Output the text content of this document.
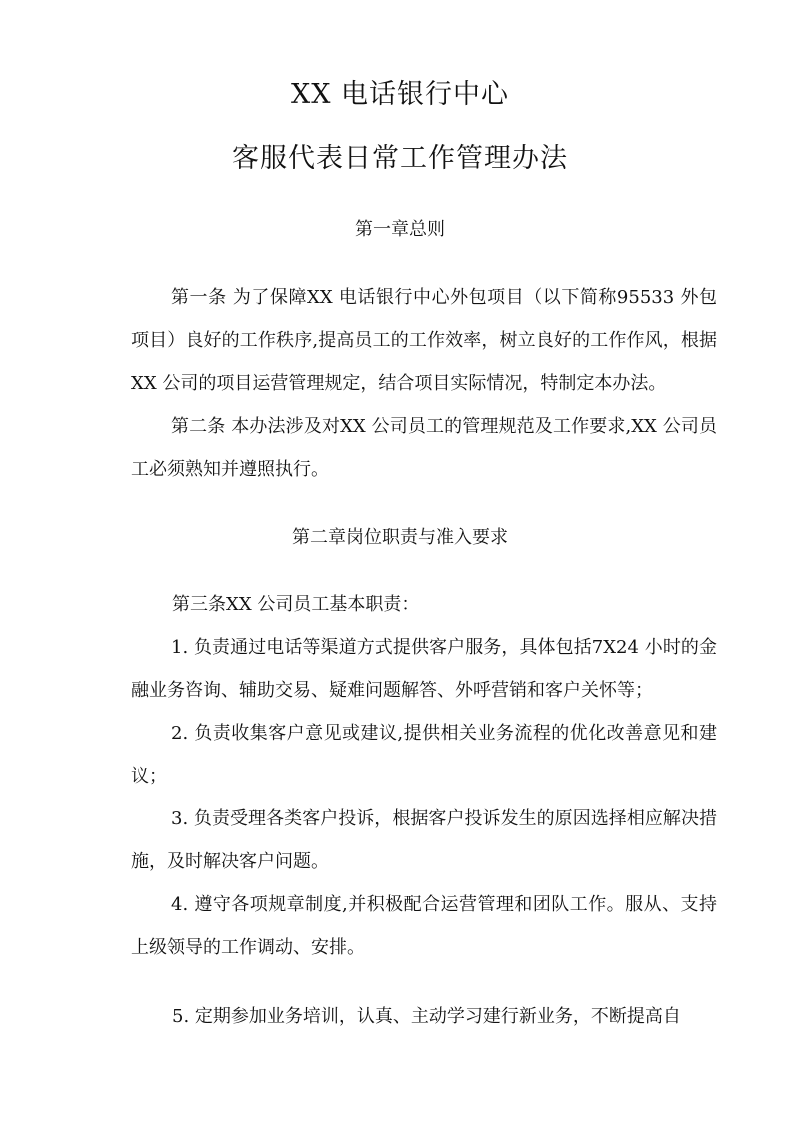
XX 电话银行中心
客服代表日常工作管理办法
第一章总则

第一条 为了保障XX 电话银行中心外包项目（以下简称95533 外包项目）良好的工作秩序,提高员工的工作效率，树立良好的工作作风，根据XX 公司的项目运营管理规定，结合项目实际情况，特制定本办法。

第二条 本办法涉及对XX 公司员工的管理规范及工作要求,XX 公司员工必须熟知并遵照执行。

第二章岗位职责与准入要求
第三条XX 公司员工基本职责：

1. 负责通过电话等渠道方式提供客户服务，具体包括7X24 小时的金融业务咨询、辅助交易、疑难问题解答、外呼营销和客户关怀等；

2. 负责收集客户意见或建议,提供相关业务流程的优化改善意见和建议；

3. 负责受理各类客户投诉，根据客户投诉发生的原因选择相应解决措施，及时解决客户问题。

4. 遵守各项规章制度,并积极配合运营管理和团队工作。服从、支持上级领导的工作调动、安排。

5. 定期参加业务培训，认真、主动学习建行新业务，不断提高自
